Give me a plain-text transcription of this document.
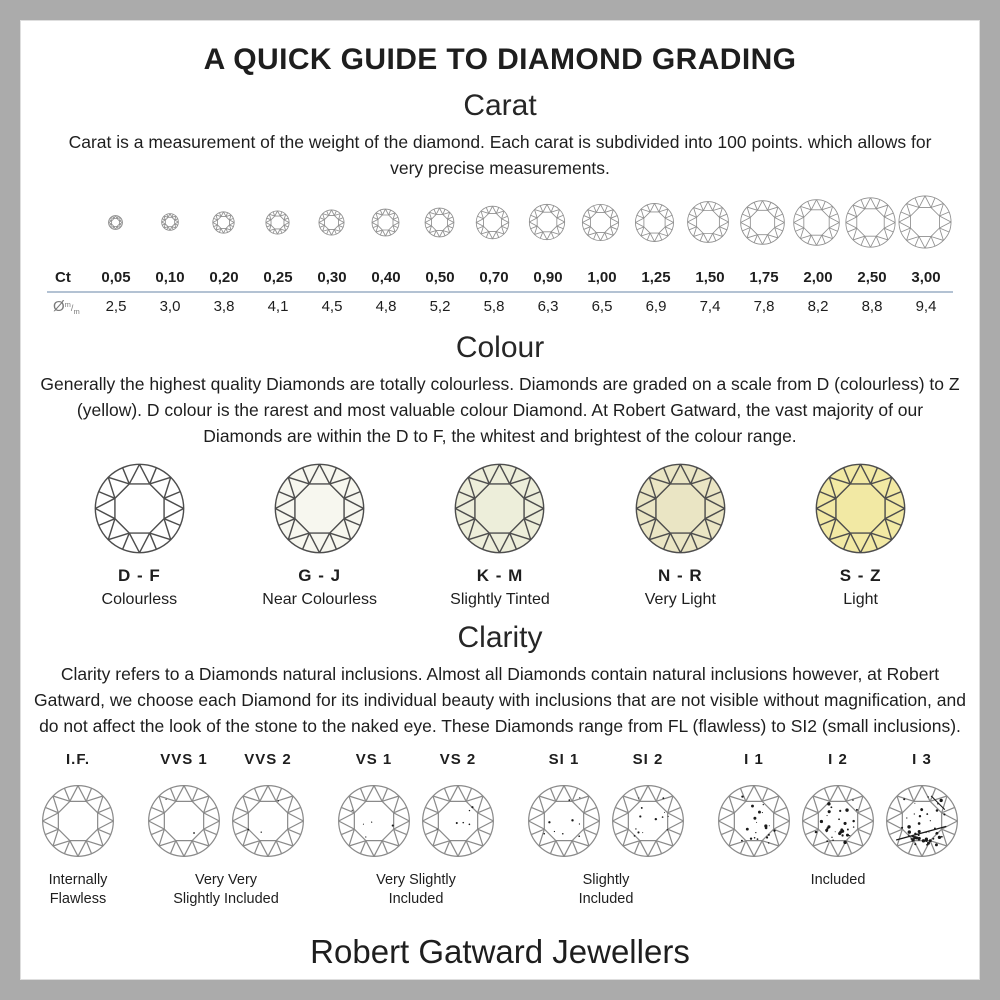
A QUICK GUIDE TO DIAMOND GRADING
Carat

Carat is a measurement of the weight of the diamond. Each carat is subdivided into 100 points. which allows for very precise measurements.

Ct 0,05 0,10 0,20 0,25 0,30 0,40 0,50 0,70 0,90 1,00 1,25 1,50 1,75 2,00 2,50 3,00
$Ø^m/_m$ 2,5 3,0 3,8 4,1 4,5 4,8 5,2 5,8 6,3 6,5 6,9 7,4 7,8 8,2 8,8 9,4
Colour

Generally the highest quality Diamonds are totally colourless. Diamonds are graded on a scale from D (colourless) to Z (yellow). D colour is the rarest and most valuable colour Diamond. At Robert Gatward, the vast majority of our Diamonds are within the D to F, the whitest and brightest of the colour range.

D - F
Colourless
G - J
Near Colourless
K - M
Slightly Tinted
N - R
Very Light
S - Z
Light
Clarity

Clarity refers to a Diamonds natural inclusions. Almost all Diamonds contain natural inclusions however, at Robert Gatward, we choose each Diamond for its individual beauty with inclusions that are not visible without magnification, and do not affect the look of the stone to the naked eye. These Diamonds range from FL (flawless) to SI2 (small inclusions).

I.F.
Internally
Flawless
VVS 1 VVS 2
Very Very
Slightly Included
VS 1	VS 2
Very Slightly
Included
SI 1	SI 2
Slightly
Included
I 1	I 2	I 3
Included
Robert Gatward Jewellers
